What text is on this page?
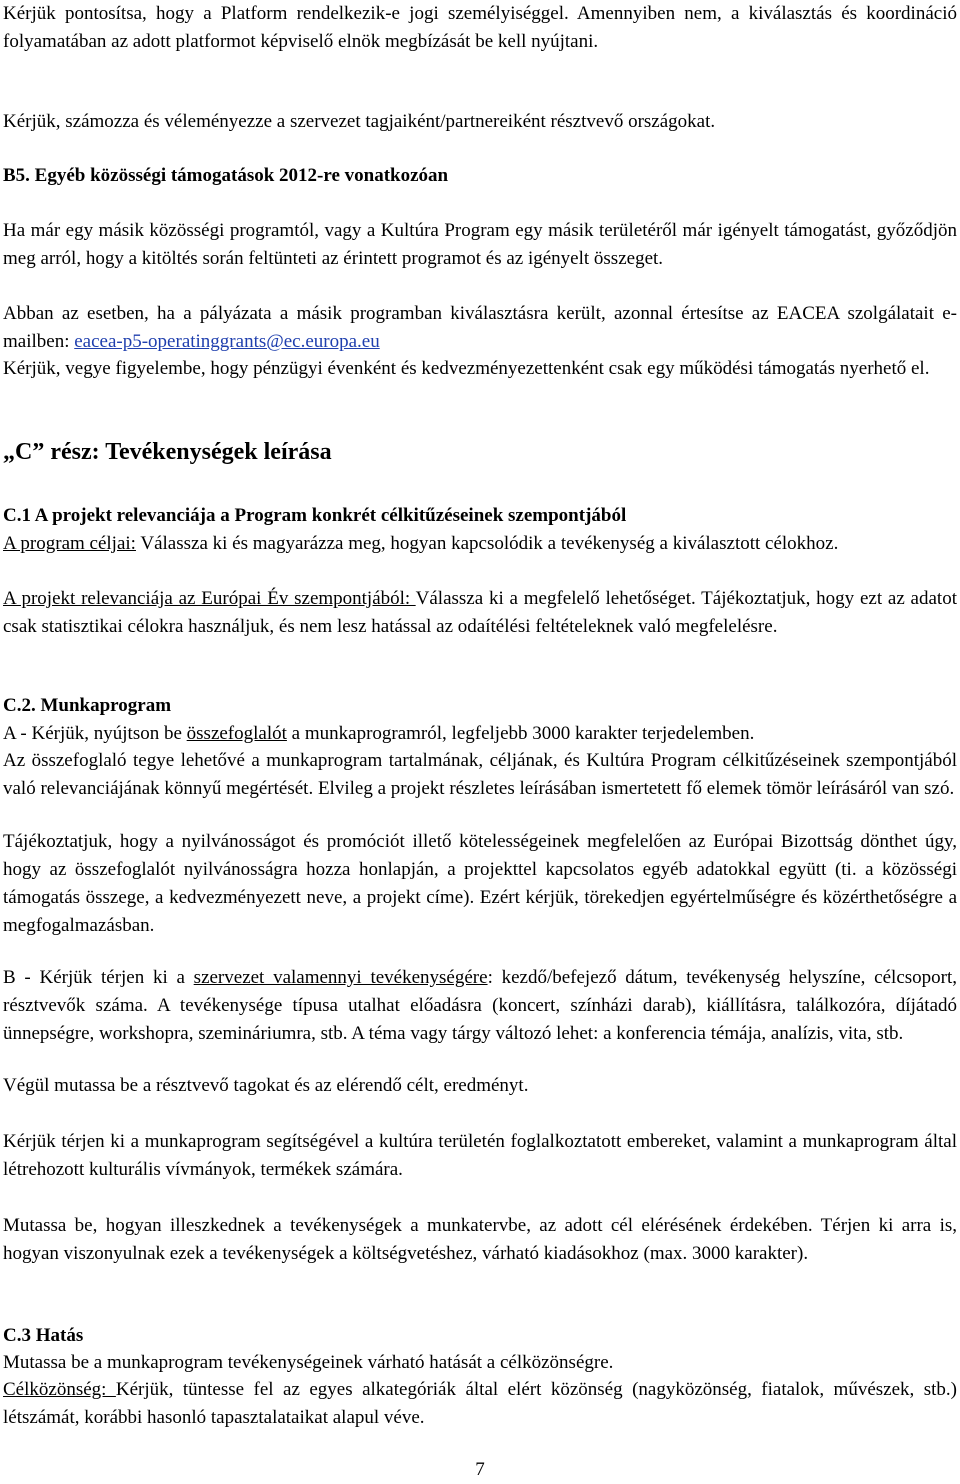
Kérjük pontosítsa, hogy a Platform rendelkezik-e jogi személyiséggel. Amennyiben nem, a kiválasztás és koordináció folyamatában az adott platformot képviselő elnök megbízását be kell nyújtani.

Kérjük, számozza és véleményezze a szervezet tagjaiként/partnereiként résztvevő országokat.

B5. Egyéb közösségi támogatások 2012-re vonatkozóan

Ha már egy másik közösségi programtól, vagy a Kultúra Program egy másik területéről már igényelt támogatást, győződjön meg arról, hogy a kitöltés során feltünteti az érintett programot és az igényelt összeget.

Abban az esetben, ha a pályázata a másik programban kiválasztásra került, azonnal értesítse az EACEA szolgálatait e-mailben: eacea-p5-operatinggrants@ec.europa.eu

Kérjük, vegye figyelembe, hogy pénzügyi évenként és kedvezményezettenként csak egy működési támogatás nyerhető el.

„C” rész: Tevékenységek leírása

C.1 A projekt relevanciája a Program konkrét célkitűzéseinek szempontjából

A program céljai: Válassza ki és magyarázza meg, hogyan kapcsolódik a tevékenység a kiválasztott célokhoz.

A projekt relevanciája az Európai Év szempontjából: Válassza ki a megfelelő lehetőséget. Tájékoztatjuk, hogy ezt az adatot csak statisztikai célokra használjuk, és nem lesz hatással az odaítélési feltételeknek való megfelelésre.

C.2. Munkaprogram

A - Kérjük, nyújtson be összefoglalót a munkaprogramról, legfeljebb 3000 karakter terjedelemben.

Az összefoglaló tegye lehetővé a munkaprogram tartalmának, céljának, és Kultúra Program célkitűzéseinek szempontjából való relevanciájának könnyű megértését. Elvileg a projekt részletes leírásában ismertetett fő elemek tömör leírásáról van szó.

Tájékoztatjuk, hogy a nyilvánosságot és promóciót illető kötelességeinek megfelelően az Európai Bizottság dönthet úgy, hogy az összefoglalót nyilvánosságra hozza honlapján, a projekttel kapcsolatos egyéb adatokkal együtt (ti. a közösségi támogatás összege, a kedvezményezett neve, a projekt címe). Ezért kérjük, törekedjen egyértelműségre és közérthetőségre a megfogalmazásban.

B - Kérjük térjen ki a szervezet valamennyi tevékenységére: kezdő/befejező dátum, tevékenység helyszíne, célcsoport, résztvevők száma. A tevékenysége típusa utalhat előadásra (koncert, színházi darab), kiállításra, találkozóra, díjátadó ünnepségre, workshopra, szemináriumra, stb. A téma vagy tárgy változó lehet: a konferencia témája, analízis, vita, stb.

Végül mutassa be a résztvevő tagokat és az elérendő célt, eredményt.

Kérjük térjen ki a munkaprogram segítségével a kultúra területén foglalkoztatott embereket, valamint a munkaprogram által létrehozott kulturális vívmányok, termékek számára.

Mutassa be, hogyan illeszkednek a tevékenységek a munkatervbe, az adott cél elérésének érdekében. Térjen ki arra is, hogyan viszonyulnak ezek a tevékenységek a költségvetéshez, várható kiadásokhoz (max. 3000 karakter).

C.3 Hatás

Mutassa be a munkaprogram tevékenységeinek várható hatását a célközönségre.

Célközönség: Kérjük, tüntesse fel az egyes alkategóriák által elért közönség (nagyközönség, fiatalok, művészek, stb.) létszámát, korábbi hasonló tapasztalataikat alapul véve.

7
